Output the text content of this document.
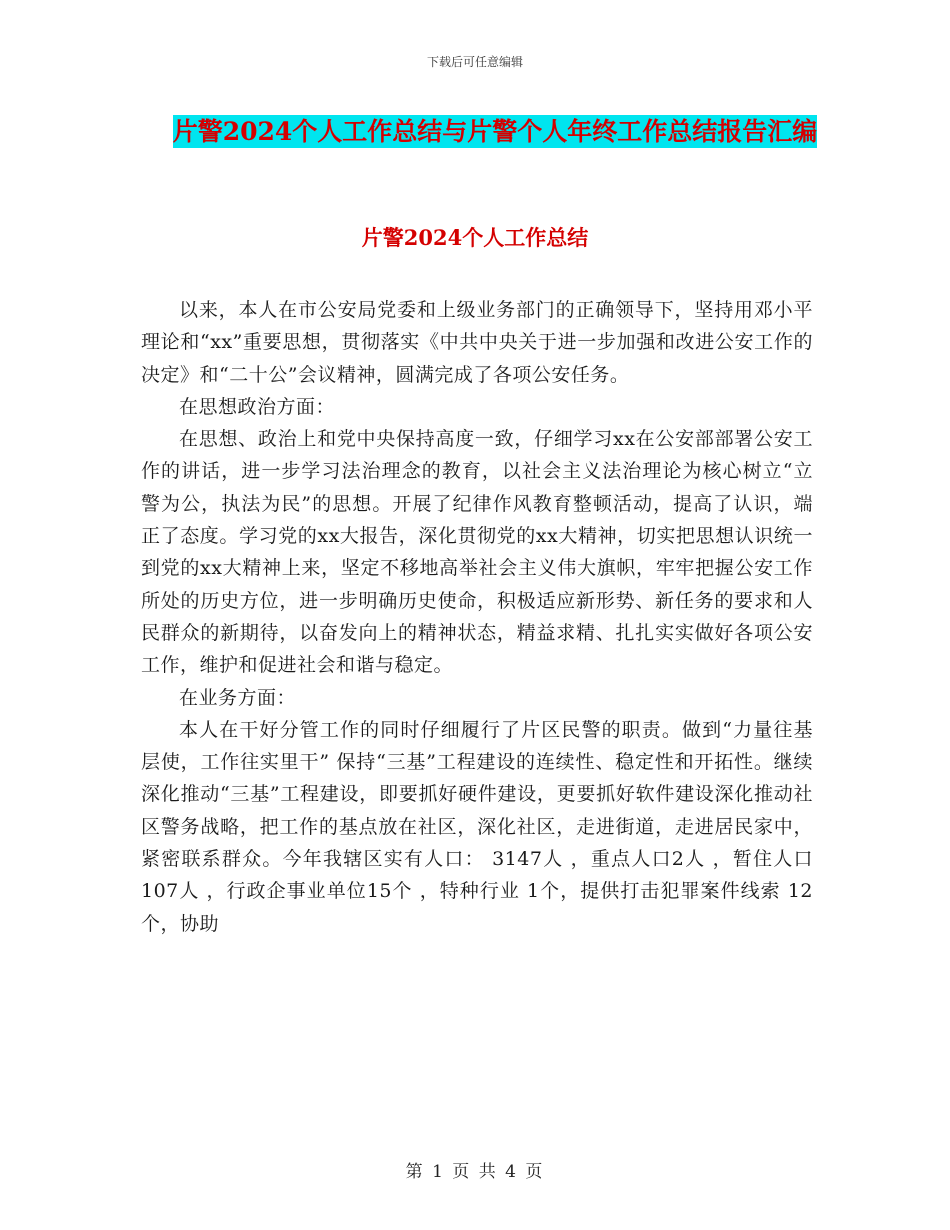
下载后可任意编辑
片警2024个人工作总结与片警个人年终工作总结报告汇编
片警2024个人工作总结

以来，本人在市公安局党委和上级业务部门的正确领导下，坚持用邓小平理论和“xx”重要思想，贯彻落实《中共中央关于进一步加强和改进公安工作的决定》和“二十公”会议精神，圆满完成了各项公安任务。

在思想政治方面：

在思想、政治上和党中央保持高度一致，仔细学习xx在公安部部署公安工作的讲话，进一步学习法治理念的教育，以社会主义法治理论为核心树立“立警为公，执法为民”的思想。开展了纪律作风教育整顿活动，提高了认识，端正了态度。学习党的xx大报告，深化贯彻党的xx大精神，切实把思想认识统一到党的xx大精神上来，坚定不移地高举社会主义伟大旗帜，牢牢把握公安工作所处的历史方位，进一步明确历史使命，积极适应新形势、新任务的要求和人民群众的新期待，以奋发向上的精神状态，精益求精、扎扎实实做好各项公安工作，维护和促进社会和谐与稳定。

在业务方面：

本人在干好分管工作的同时仔细履行了片区民警的职责。做到“力量往基层使，工作往实里干” 保持“三基”工程建设的连续性、稳定性和开拓性。继续深化推动“三基”工程建设，即要抓好硬件建设，更要抓好软件建设深化推动社区警务战略，把工作的基点放在社区，深化社区，走进街道，走进居民家中，紧密联系群众。今年我辖区实有人口： 3147人 ，重点人口2人 ，暂住人口107人 ，行政企事业单位15个 ，特种行业 1个，提供打击犯罪案件线索 12个，协助

第 1 页 共 4 页
